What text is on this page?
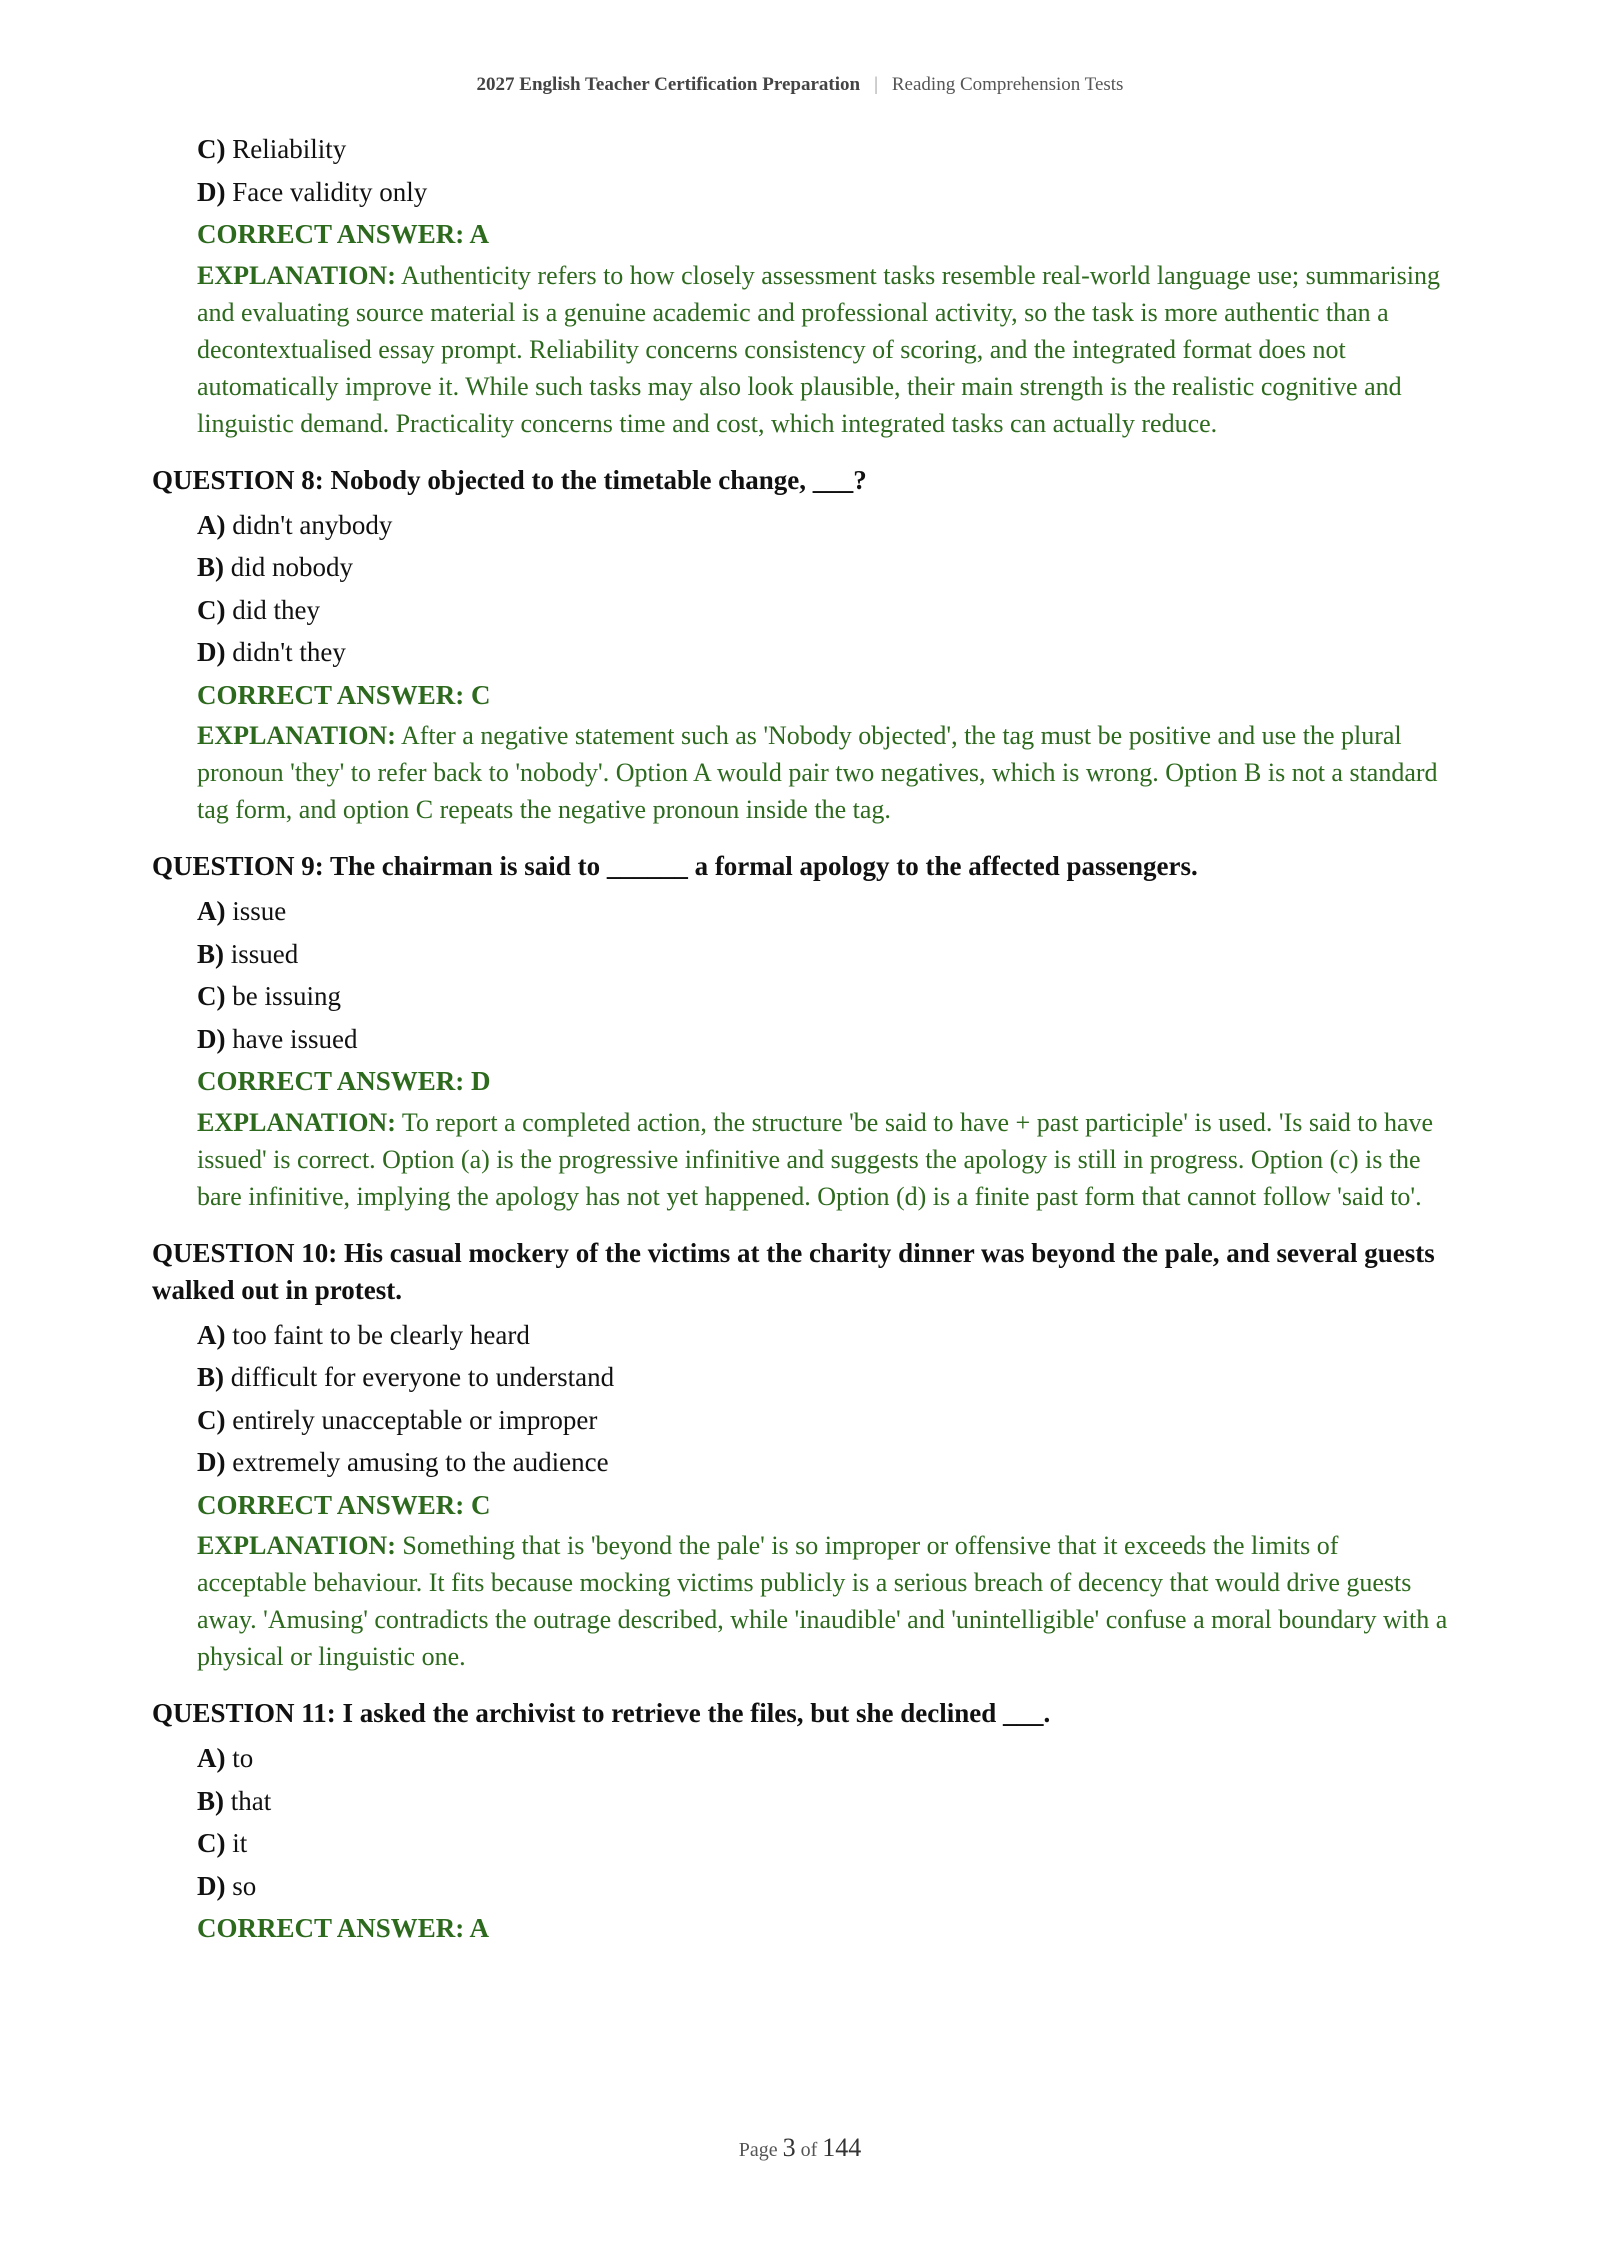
2027 English Teacher Certification Preparation | Reading Comprehension Tests
C) Reliability
D) Face validity only
CORRECT ANSWER: A
EXPLANATION: Authenticity refers to how closely assessment tasks resemble real-world language use; summarising and evaluating source material is a genuine academic and professional activity, so the task is more authentic than a decontextualised essay prompt. Reliability concerns consistency of scoring, and the integrated format does not automatically improve it. While such tasks may also look plausible, their main strength is the realistic cognitive and linguistic demand. Practicality concerns time and cost, which integrated tasks can actually reduce.
QUESTION 8: Nobody objected to the timetable change, ___?
A) didn't anybody
B) did nobody
C) did they
D) didn't they
CORRECT ANSWER: C
EXPLANATION: After a negative statement such as 'Nobody objected', the tag must be positive and use the plural pronoun 'they' to refer back to 'nobody'. Option A would pair two negatives, which is wrong. Option B is not a standard tag form, and option C repeats the negative pronoun inside the tag.
QUESTION 9: The chairman is said to ______ a formal apology to the affected passengers.
A) issue
B) issued
C) be issuing
D) have issued
CORRECT ANSWER: D
EXPLANATION: To report a completed action, the structure 'be said to have + past participle' is used. 'Is said to have issued' is correct. Option (a) is the progressive infinitive and suggests the apology is still in progress. Option (c) is the bare infinitive, implying the apology has not yet happened. Option (d) is a finite past form that cannot follow 'said to'.
QUESTION 10: His casual mockery of the victims at the charity dinner was beyond the pale, and several guests walked out in protest.
A) too faint to be clearly heard
B) difficult for everyone to understand
C) entirely unacceptable or improper
D) extremely amusing to the audience
CORRECT ANSWER: C
EXPLANATION: Something that is 'beyond the pale' is so improper or offensive that it exceeds the limits of acceptable behaviour. It fits because mocking victims publicly is a serious breach of decency that would drive guests away. 'Amusing' contradicts the outrage described, while 'inaudible' and 'unintelligible' confuse a moral boundary with a physical or linguistic one.
QUESTION 11: I asked the archivist to retrieve the files, but she declined ___.
A) to
B) that
C) it
D) so
CORRECT ANSWER: A
Page 3 of 144
